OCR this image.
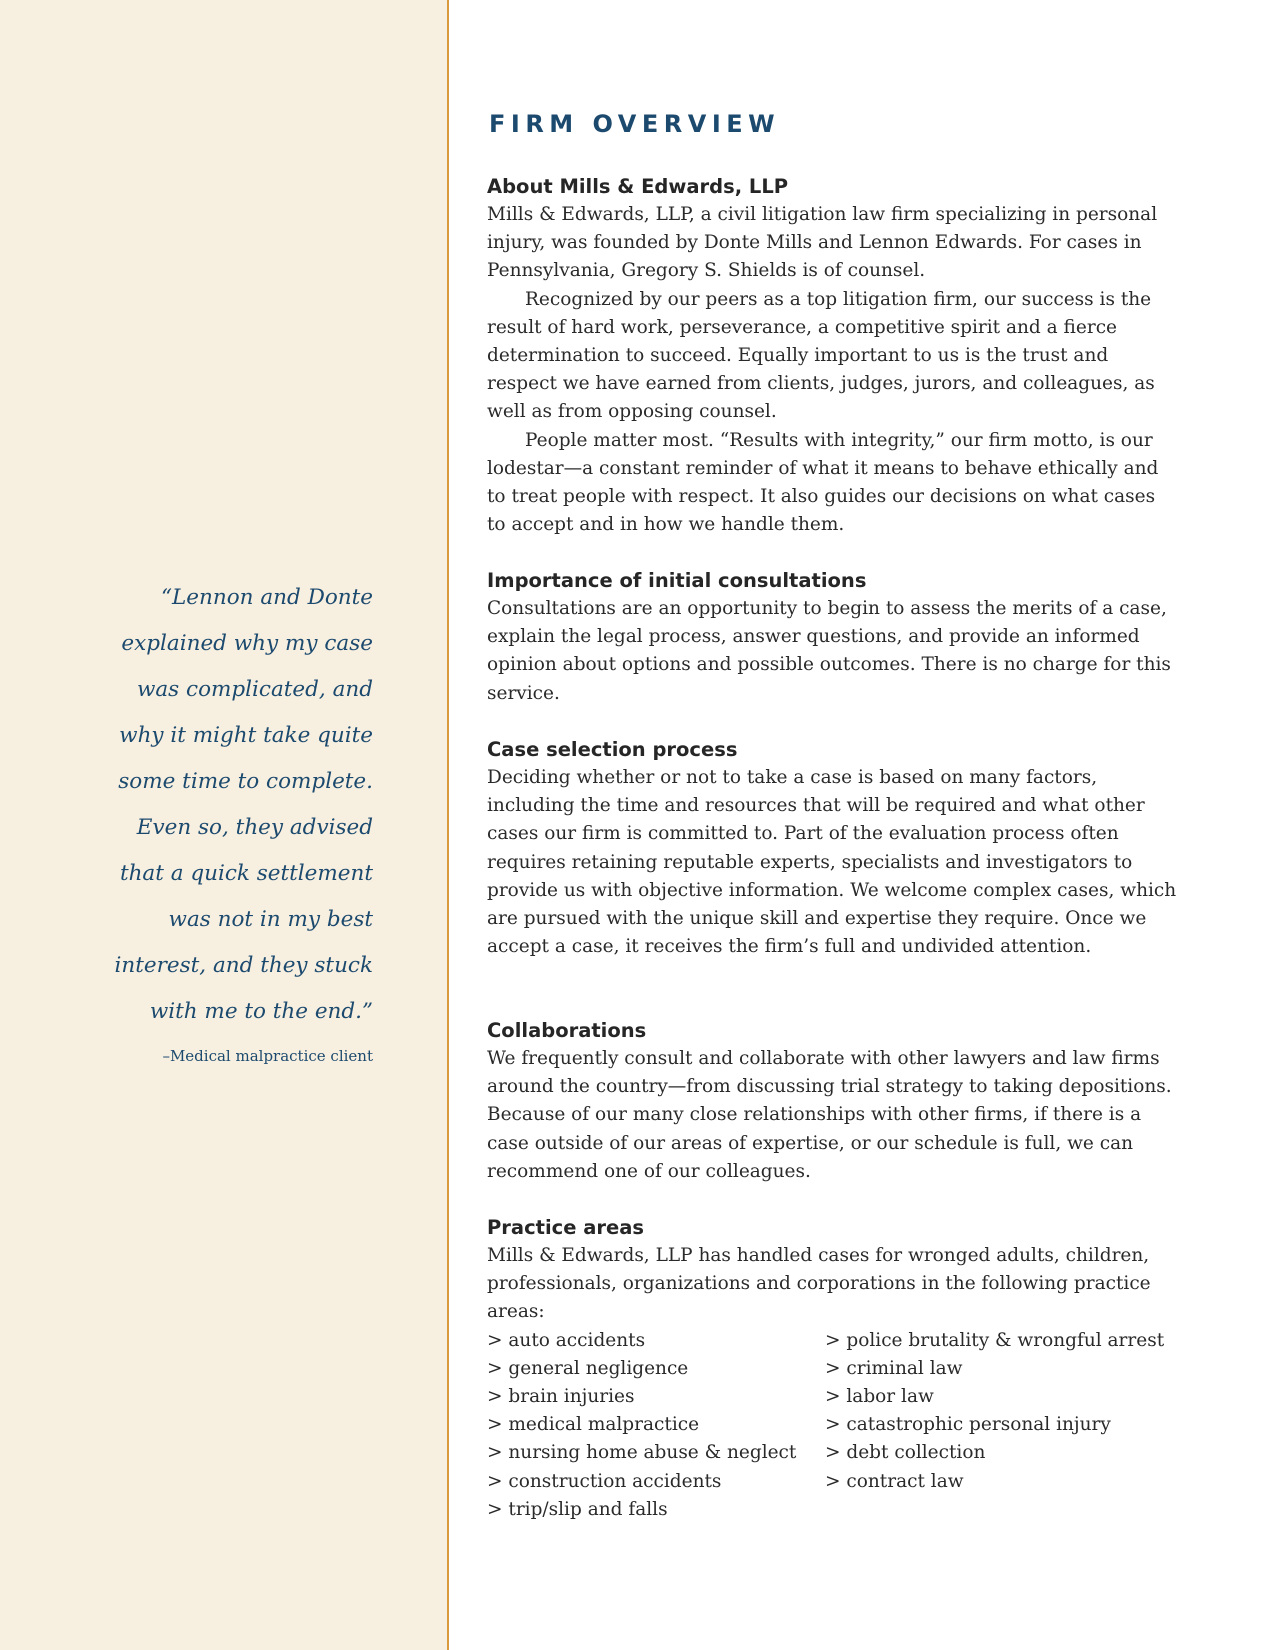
“Lennon and Donte

explained why my case

was complicated, and

why it might take quite

some time to complete.

Even so, they advised

that a quick settlement

was not in my best

interest, and they stuck

with me to the end.”

–Medical malpractice client
FIRM OVERVIEW
About Mills & Edwards, LLP

Mills & Edwards, LLP, a civil litigation law firm specializing in personal injury, was founded by Donte Mills and Lennon Edwards. For cases in Pennsylvania, Gregory S. Shields is of counsel.

Recognized by our peers as a top litigation firm, our success is the result of hard work, perseverance, a competitive spirit and a fierce determination to succeed. Equally important to us is the trust and respect we have earned from clients, judges, jurors, and colleagues, as well as from opposing counsel.

People matter most. “Results with integrity,” our firm motto, is our lodestar—a constant reminder of what it means to behave ethically and to treat people with respect. It also guides our decisions on what cases to accept and in how we handle them.

Importance of initial consultations

Consultations are an opportunity to begin to assess the merits of a case, explain the legal process, answer questions, and provide an informed opinion about options and possible outcomes. There is no charge for this service.

Case selection process

Deciding whether or not to take a case is based on many factors, including the time and resources that will be required and what other cases our firm is committed to. Part of the evaluation process often requires retaining reputable experts, specialists and investigators to provide us with objective information. We welcome complex cases, which are pursued with the unique skill and expertise they require. Once we accept a case, it receives the firm’s full and undivided attention.

Collaborations

We frequently consult and collaborate with other lawyers and law firms around the country—from discussing trial strategy to taking depositions. Because of our many close relationships with other firms, if there is a case outside of our areas of expertise, or our schedule is full, we can recommend one of our colleagues.

Practice areas

Mills & Edwards, LLP has handled cases for wronged adults, children, professionals, organizations and corporations in the following practice areas:

> auto accidents
> general negligence
> brain injuries
> medical malpractice
> nursing home abuse & neglect
> construction accidents
> trip/slip and falls
> police brutality & wrongful arrest
> criminal law
> labor law
> catastrophic personal injury
> debt collection
> contract law
